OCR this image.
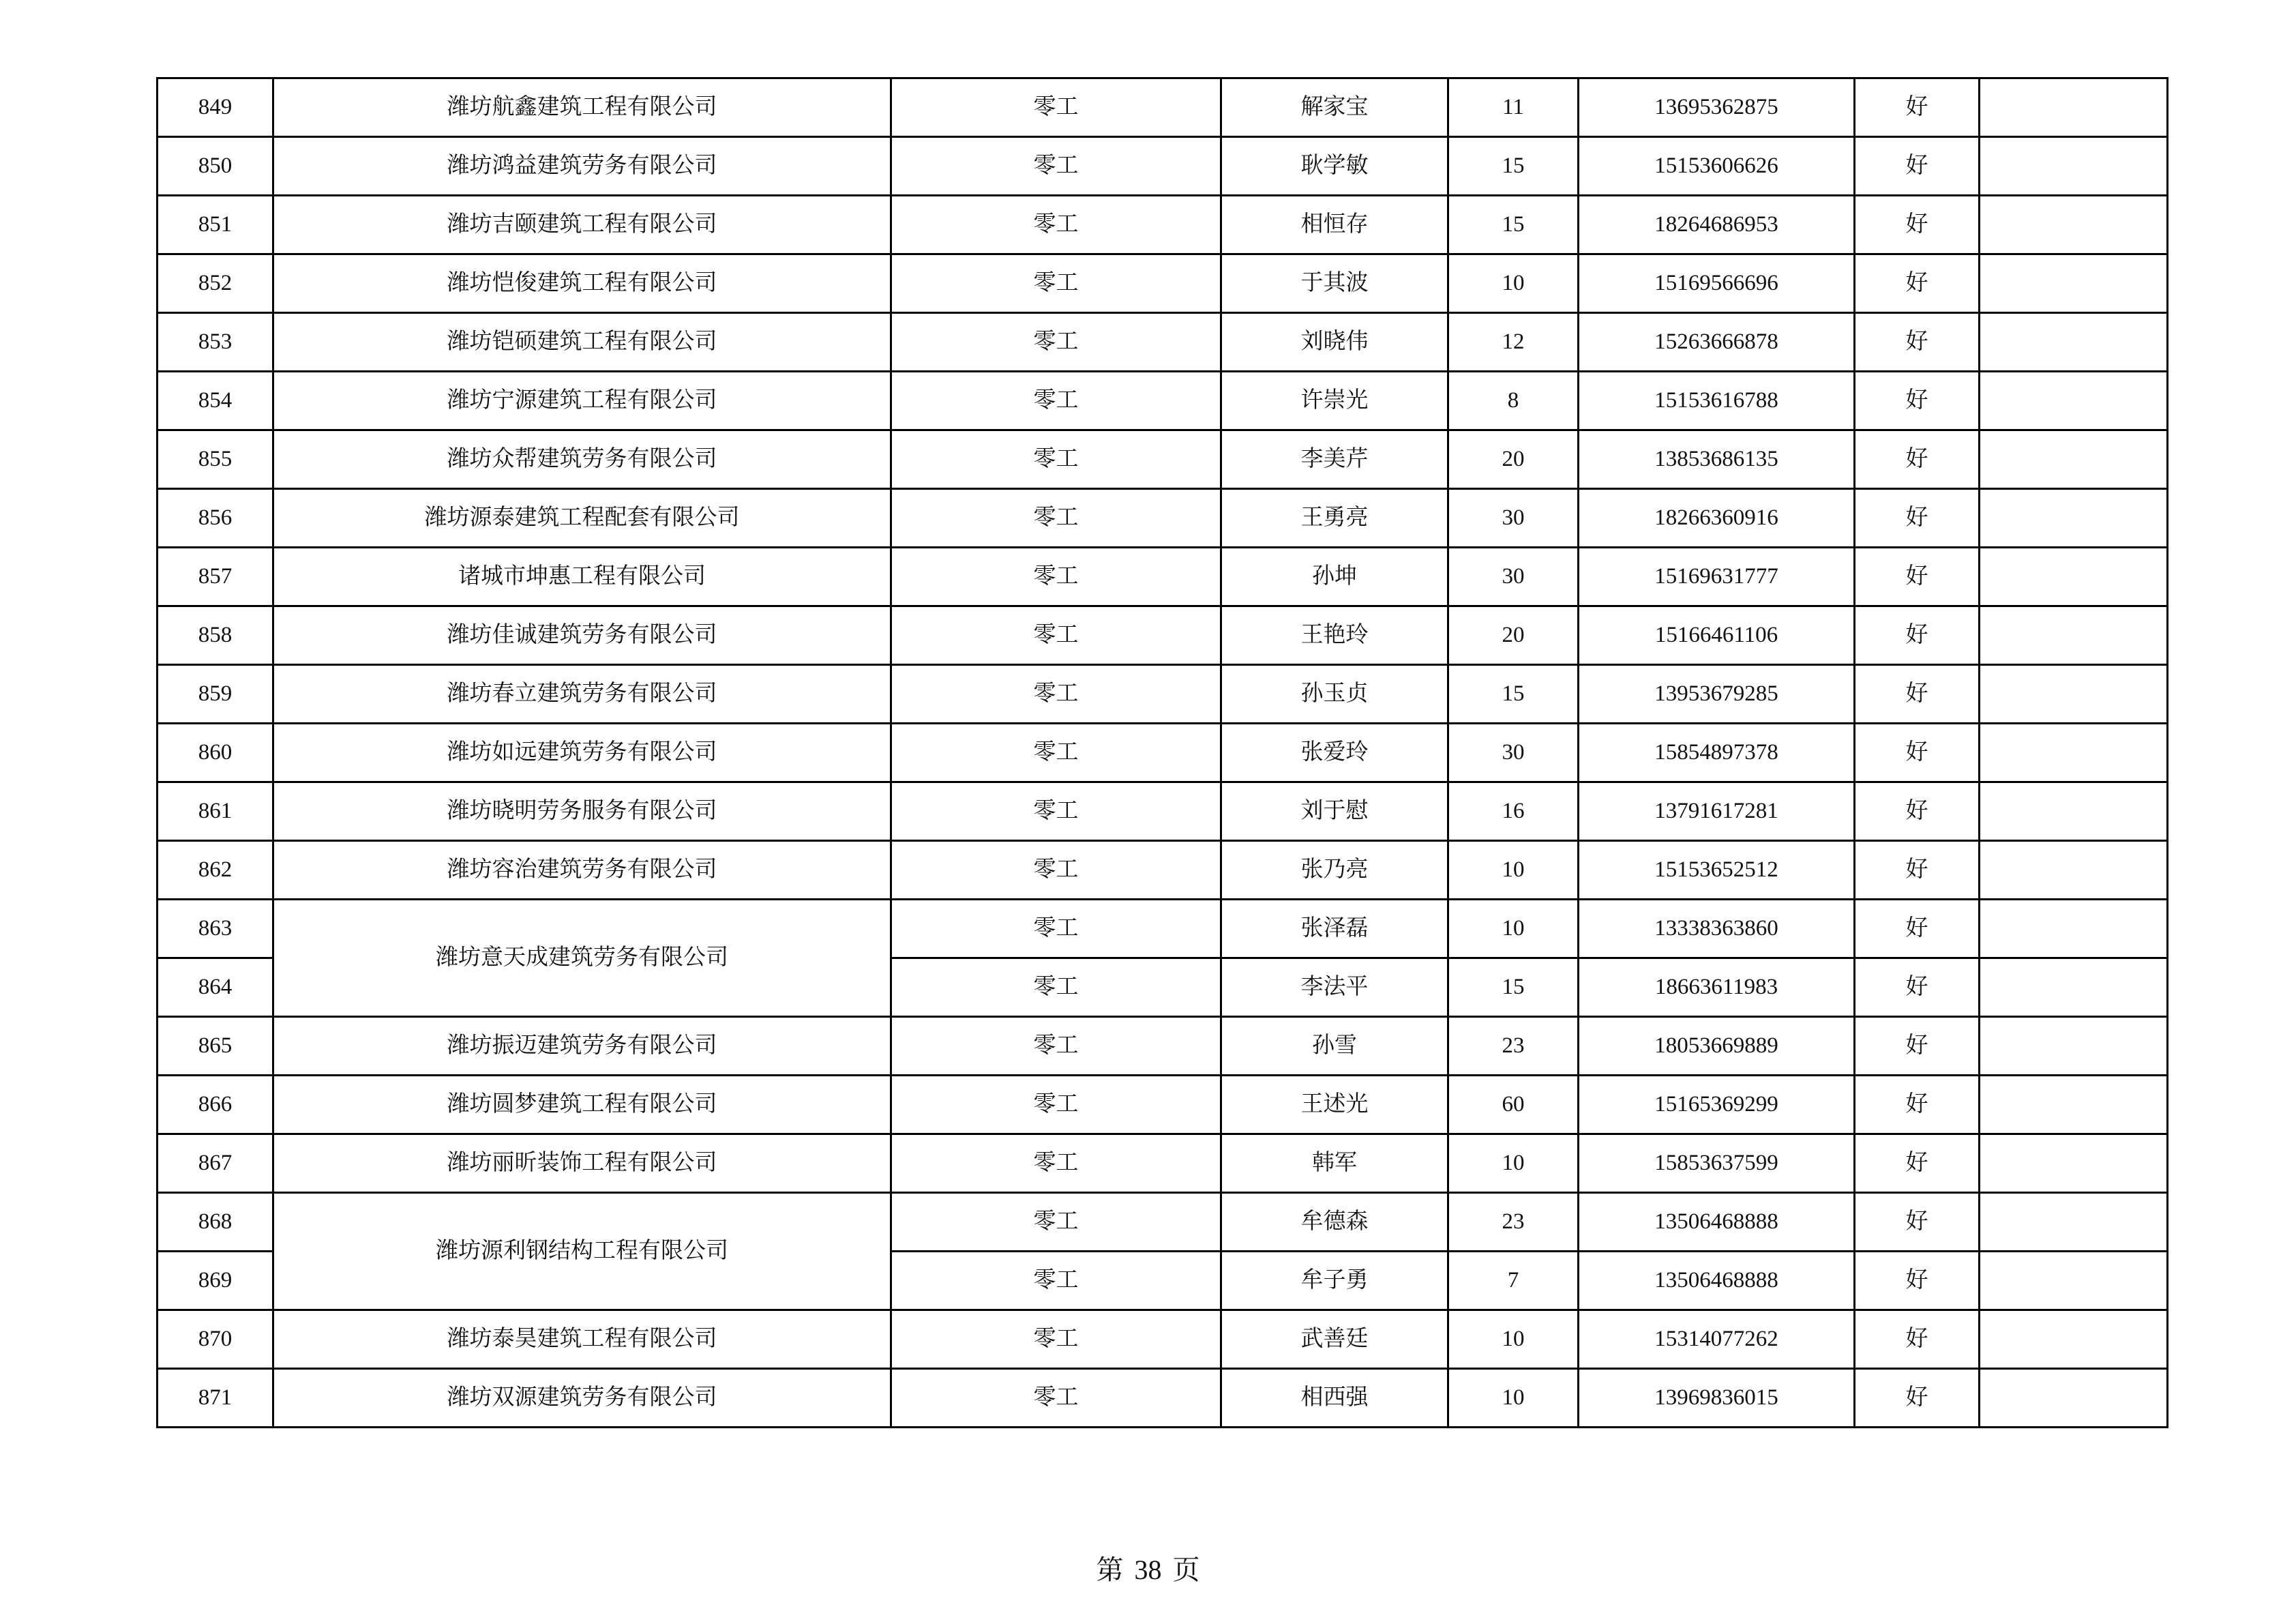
849	潍坊航鑫建筑工程有限公司	零工	解家宝	11	13695362875	好	
850	潍坊鸿益建筑劳务有限公司	零工	耿学敏	15	15153606626	好	
851	潍坊吉颐建筑工程有限公司	零工	相恒存	15	18264686953	好	
852	潍坊恺俊建筑工程有限公司	零工	于其波	10	15169566696	好	
853	潍坊铠硕建筑工程有限公司	零工	刘晓伟	12	15263666878	好	
854	潍坊宁源建筑工程有限公司	零工	许崇光	8	15153616788	好	
855	潍坊众帮建筑劳务有限公司	零工	李美芹	20	13853686135	好	
856	潍坊源泰建筑工程配套有限公司	零工	王勇亮	30	18266360916	好	
857	诸城市坤惠工程有限公司	零工	孙坤	30	15169631777	好	
858	潍坊佳诚建筑劳务有限公司	零工	王艳玲	20	15166461106	好	
859	潍坊春立建筑劳务有限公司	零工	孙玉贞	15	13953679285	好	
860	潍坊如远建筑劳务有限公司	零工	张爱玲	30	15854897378	好	
861	潍坊晓明劳务服务有限公司	零工	刘于慰	16	13791617281	好	
862	潍坊容治建筑劳务有限公司	零工	张乃亮	10	15153652512	好	
863	潍坊意天成建筑劳务有限公司	零工	张泽磊	10	13338363860	好	
864		零工	李法平	15	18663611983	好	
865	潍坊振迈建筑劳务有限公司	零工	孙雪	23	18053669889	好	
866	潍坊圆梦建筑工程有限公司	零工	王述光	60	15165369299	好	
867	潍坊丽昕装饰工程有限公司	零工	韩军	10	15853637599	好	
868	潍坊源利钢结构工程有限公司	零工	牟德森	23	13506468888	好	
869		零工	牟子勇	7	13506468888	好	
870	潍坊泰昊建筑工程有限公司	零工	武善廷	10	15314077262	好	
871	潍坊双源建筑劳务有限公司	零工	相西强	10	13969836015	好	
第 38 页
